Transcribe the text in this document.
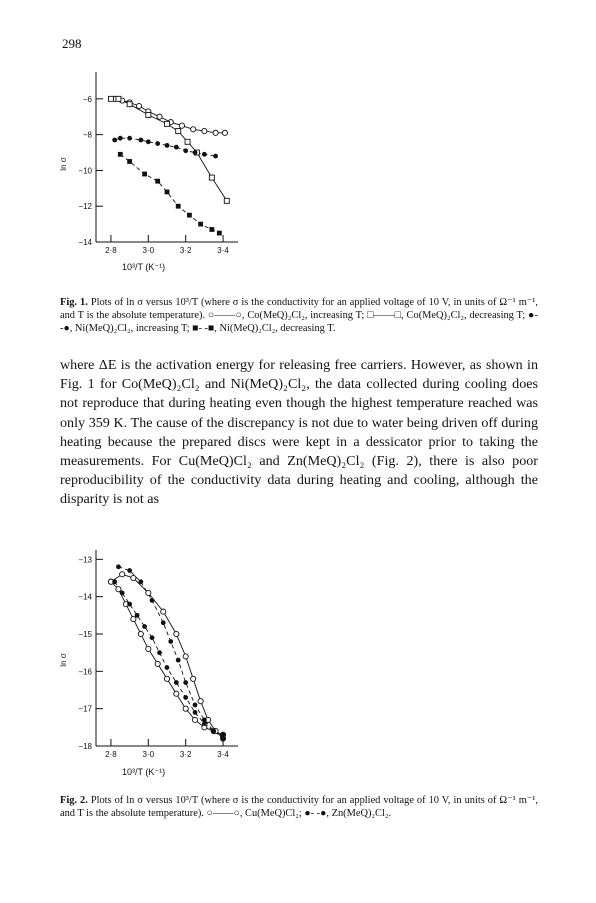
298
−6
−8
−10
−12
−14
2·8	3·0	3·2	3·4
ln σ
10³/T (K⁻¹)
Fig. 1. Plots of ln σ versus 10³/T (where σ is the conductivity for an applied voltage of 10 V, in units of Ω⁻¹ m⁻¹, and T is the absolute temperature). ○——○, Co(MeQ)₂Cl₂, increasing T; □——□, Co(MeQ)₂Cl₂, decreasing T; ●- -●, Ni(MeQ)₂Cl₂, increasing T; ■- -■, Ni(MeQ)₂Cl₂, decreasing T.

where ΔE is the activation energy for releasing free carriers. However, as shown in Fig. 1 for Co(MeQ)₂Cl₂ and Ni(MeQ)₂Cl₂, the data collected during cooling does not reproduce that during heating even though the highest temperature reached was only 359 K. The cause of the discrepancy is not due to water being driven off during heating because the prepared discs were kept in a dessicator prior to taking the measurements. For Cu(MeQ)Cl₂ and Zn(MeQ)₂Cl₂ (Fig. 2), there is also poor reproducibility of the conductivity data during heating and cooling, although the disparity is not as

−13
−14
−15
−16
−17
−18
2·8	3·0	3·2	3·4
ln σ
10³/T (K⁻¹)
Fig. 2. Plots of ln σ versus 10³/T (where σ is the conductivity for an applied voltage of 10 V, in units of Ω⁻¹ m⁻¹, and T is the absolute temperature). ○——○, Cu(MeQ)Cl₂; ●- -●, Zn(MeQ)₂Cl₂.
